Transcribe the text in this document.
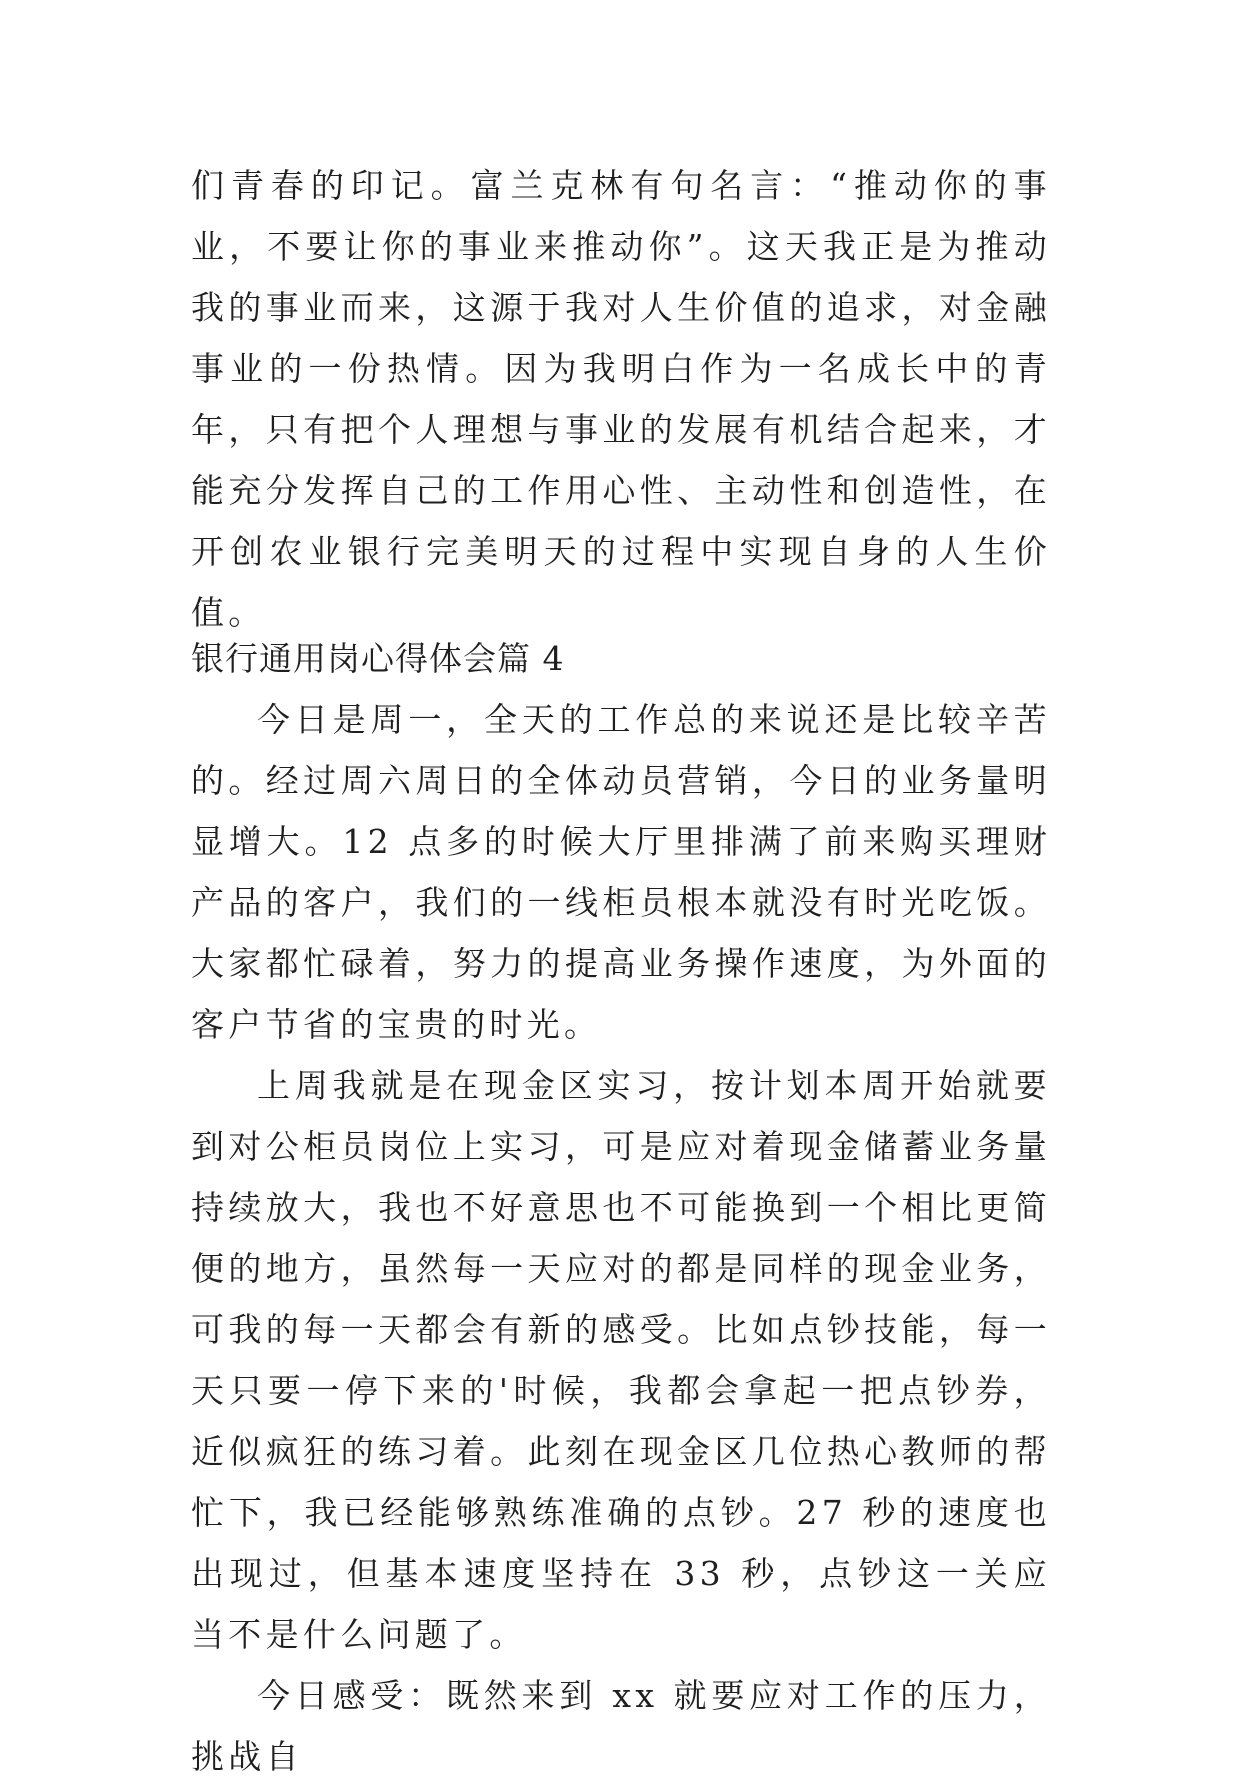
们青春的印记。富兰克林有句名言：“推动你的事业，不要让你的事业来推动你”。这天我正是为推动我的事业而来，这源于我对人生价值的追求，对金融事业的一份热情。因为我明白作为一名成长中的青年，只有把个人理想与事业的发展有机结合起来，才能充分发挥自己的工作用心性、主动性和创造性，在开创农业银行完美明天的过程中实现自身的人生价值。

银行通用岗心得体会篇 4

今日是周一，全天的工作总的来说还是比较辛苦的。经过周六周日的全体动员营销，今日的业务量明显增大。12 点多的时候大厅里排满了前来购买理财产品的客户，我们的一线柜员根本就没有时光吃饭。大家都忙碌着，努力的提高业务操作速度，为外面的客户节省的宝贵的时光。

上周我就是在现金区实习，按计划本周开始就要到对公柜员岗位上实习，可是应对着现金储蓄业务量持续放大，我也不好意思也不可能换到一个相比更简便的地方，虽然每一天应对的都是同样的现金业务，可我的每一天都会有新的感受。比如点钞技能，每一天只要一停下来的'时候，我都会拿起一把点钞券，近似疯狂的练习着。此刻在现金区几位热心教师的帮忙下，我已经能够熟练准确的点钞。27 秒的速度也出现过，但基本速度坚持在 33 秒，点钞这一关应当不是什么问题了。

今日感受：既然来到 xx 就要应对工作的压力，挑战自
